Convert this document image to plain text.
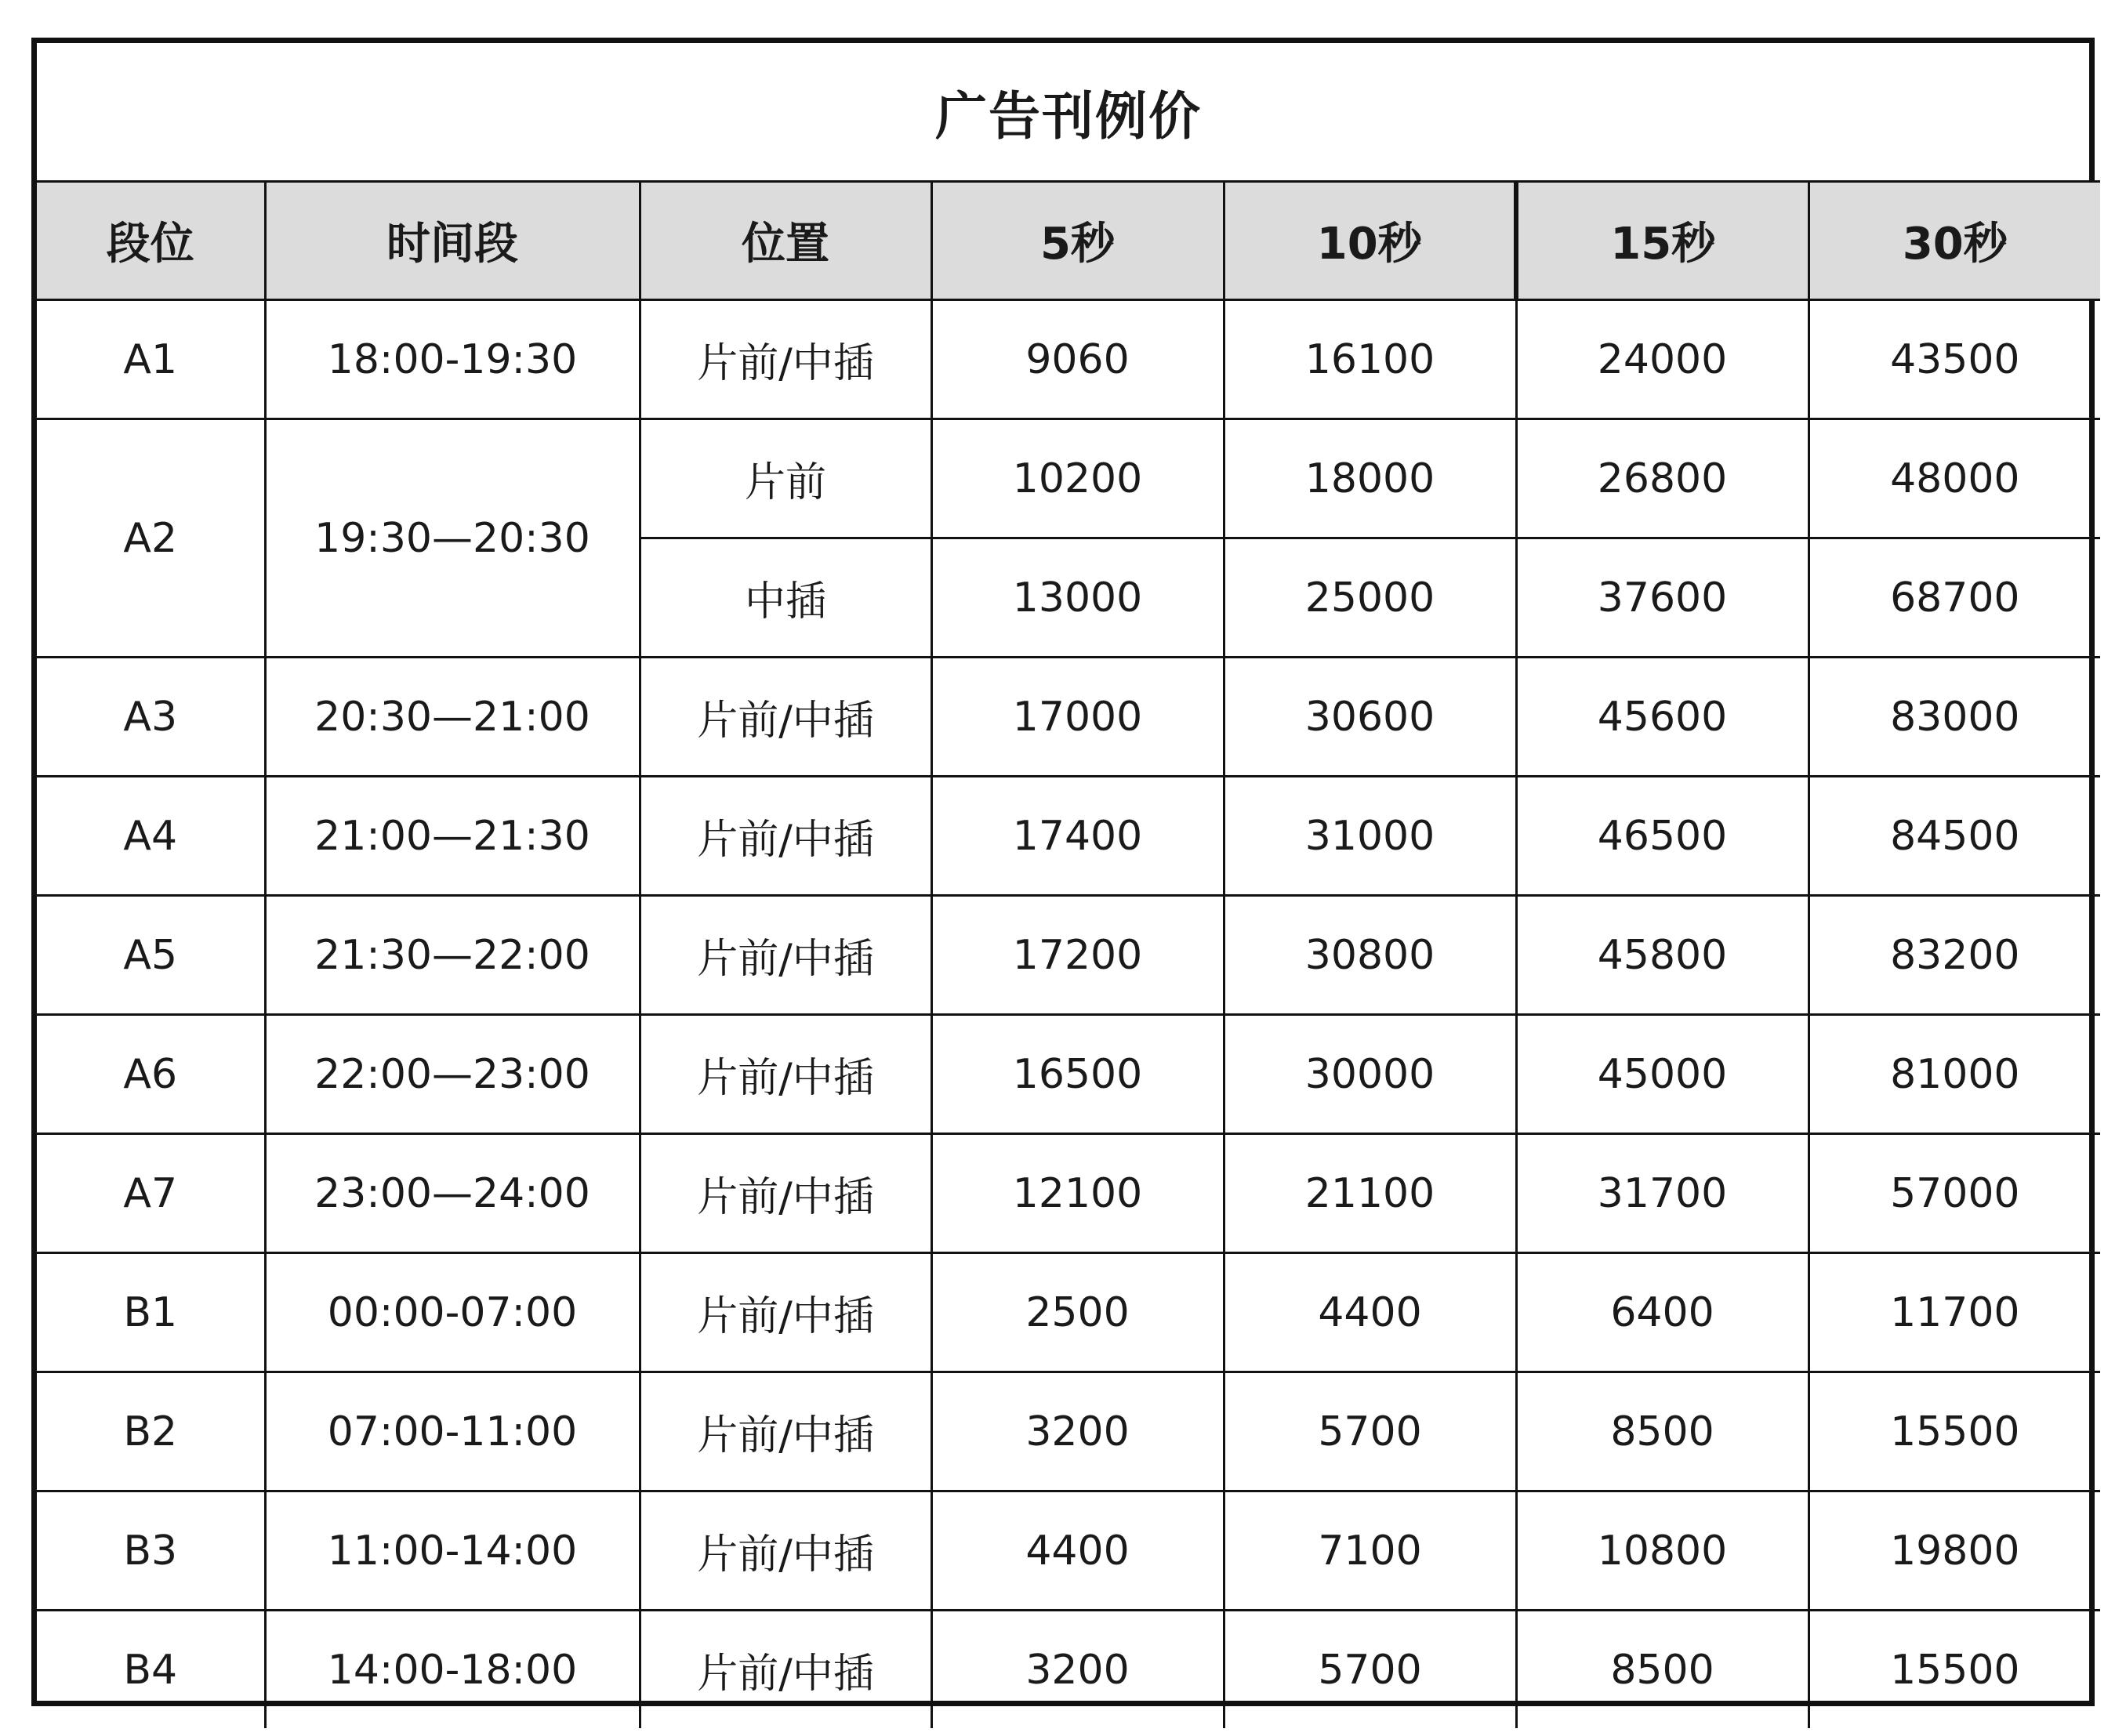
广告刊例价						
段位	时间段	位置	5秒	10秒	15秒	30秒
A1	18:00-19:30	片前/中插	9060	16100	24000	43500
A2	19:30—20:30	片前	10200	18000	26800	48000
		中插	13000	25000	37600	68700
A3	20:30—21:00	片前/中插	17000	30600	45600	83000
A4	21:00—21:30	片前/中插	17400	31000	46500	84500
A5	21:30—22:00	片前/中插	17200	30800	45800	83200
A6	22:00—23:00	片前/中插	16500	30000	45000	81000
A7	23:00—24:00	片前/中插	12100	21100	31700	57000
B1	00:00-07:00	片前/中插	2500	4400	6400	11700
B2	07:00-11:00	片前/中插	3200	5700	8500	15500
B3	11:00-14:00	片前/中插	4400	7100	10800	19800
B4	14:00-18:00	片前/中插	3200	5700	8500	15500
